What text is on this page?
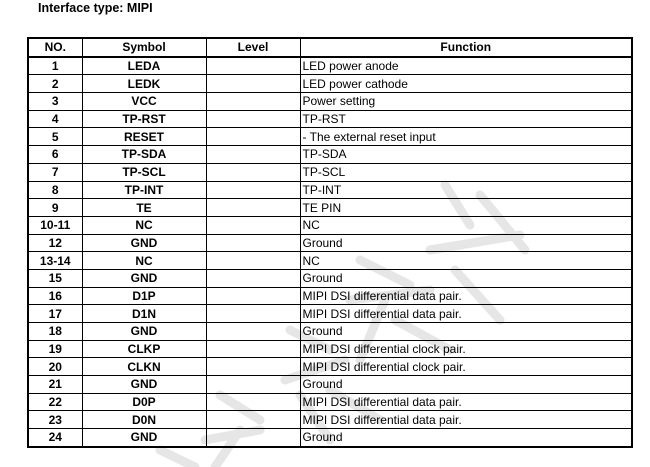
Interface type: MIPI
NO.	Symbol	Level	Function
1	LEDA		LED power anode
2	LEDK		LED power cathode
3	VCC		Power setting
4	TP-RST		TP-RST
5	RESET		- The external reset input
6	TP-SDA		TP-SDA
7	TP-SCL		TP-SCL
8	TP-INT		TP-INT
9	TE		TE PIN
10-11	NC		NC
12	GND		Ground
13-14	NC		NC
15	GND		Ground
16	D1P		MIPI DSI differential data pair.
17	D1N		MIPI DSI differential data pair.
18	GND		Ground
19	CLKP		MIPI DSI differential clock pair.
20	CLKN		MIPI DSI differential clock pair.
21	GND		Ground
22	D0P		MIPI DSI differential data pair.
23	D0N		MIPI DSI differential data pair.
24	GND		Ground
